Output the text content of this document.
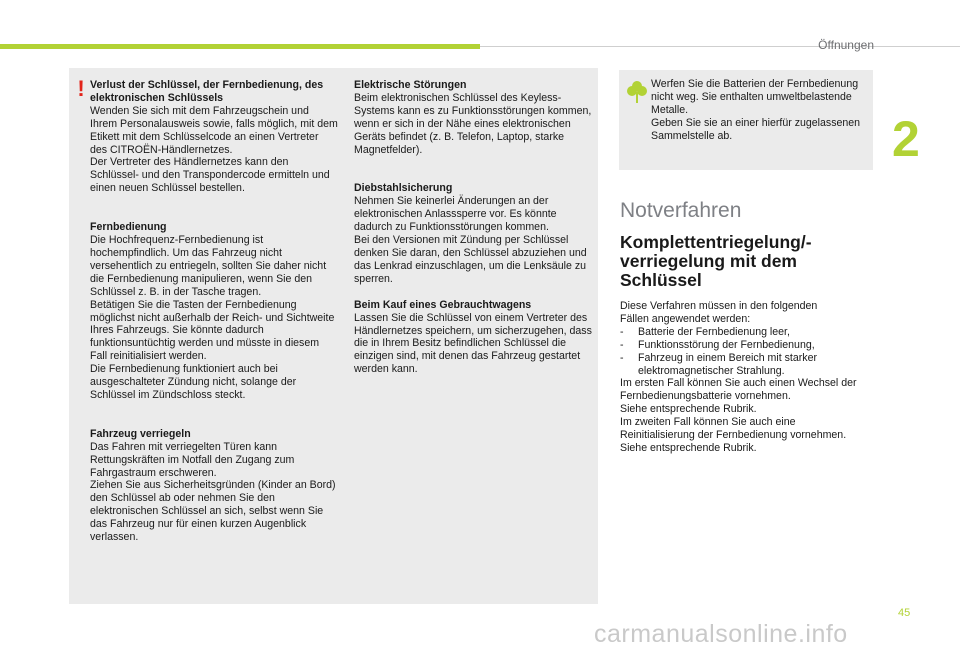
Öffnungen
2
! Verlust der Schlüssel, der Fernbedienung, des elektronischen Schlüssels
Wenden Sie sich mit dem Fahrzeugschein und Ihrem Personalausweis sowie, falls möglich, mit dem Etikett mit dem Schlüsselcode an einen Vertreter des CITROËN-Händlernetzes.
Der Vertreter des Händlernetzes kann den Schlüssel- und den Transpondercode ermitteln und einen neuen Schlüssel bestellen.

Fernbedienung
Die Hochfrequenz-Fernbedienung ist hochempfindlich. Um das Fahrzeug nicht versehentlich zu entriegeln, sollten Sie daher nicht die Fernbedienung manipulieren, wenn Sie den Schlüssel z. B. in der Tasche tragen.
Betätigen Sie die Tasten der Fernbedienung möglichst nicht außerhalb der Reich- und Sichtweite Ihres Fahrzeugs. Sie könnte dadurch funktionsuntüchtig werden und müsste in diesem Fall reinitialisiert werden.
Die Fernbedienung funktioniert auch bei ausgeschalteter Zündung nicht, solange der Schlüssel im Zündschloss steckt.

Fahrzeug verriegeln
Das Fahren mit verriegelten Türen kann Rettungskräften im Notfall den Zugang zum Fahrgastraum erschweren.
Ziehen Sie aus Sicherheitsgründen (Kinder an Bord) den Schlüssel ab oder nehmen Sie den elektronischen Schlüssel an sich, selbst wenn Sie das Fahrzeug nur für einen kurzen Augenblick verlassen.

Elektrische Störungen
Beim elektronischen Schlüssel des Keyless-Systems kann es zu Funktionsstörungen kommen, wenn er sich in der Nähe eines elektronischen Geräts befindet (z. B. Telefon, Laptop, starke Magnetfelder).

Diebstahlsicherung
Nehmen Sie keinerlei Änderungen an der elektronischen Anlasssperre vor. Es könnte dadurch zu Funktionsstörungen kommen.
Bei den Versionen mit Zündung per Schlüssel denken Sie daran, den Schlüssel abzuziehen und das Lenkrad einzuschlagen, um die Lenksäule zu sperren.

Beim Kauf eines Gebrauchtwagens
Lassen Sie die Schlüssel von einem Vertreter des Händlernetzes speichern, um sicherzugehen, dass die in Ihrem Besitz befindlichen Schlüssel die einzigen sind, mit denen das Fahrzeug gestartet werden kann.

Werfen Sie die Batterien der Fernbedienung nicht weg. Sie enthalten umweltbelastende Metalle.
Geben Sie sie an einer hierfür zugelassenen Sammelstelle ab.
Notverfahren
Komplettentriegelung/-
verriegelung mit dem
Schlüssel
Diese Verfahren müssen in den folgenden
Fällen angewendet werden:
- Batterie der Fernbedienung leer,
- Funktionsstörung der Fernbedienung,
- Fahrzeug in einem Bereich mit starker elektromagnetischer Strahlung.
Im ersten Fall können Sie auch einen Wechsel der Fernbedienungsbatterie vornehmen.
Siehe entsprechende Rubrik.
Im zweiten Fall können Sie auch eine Reinitialisierung der Fernbedienung vornehmen.
Siehe entsprechende Rubrik.
45
carmanualsonline.info
